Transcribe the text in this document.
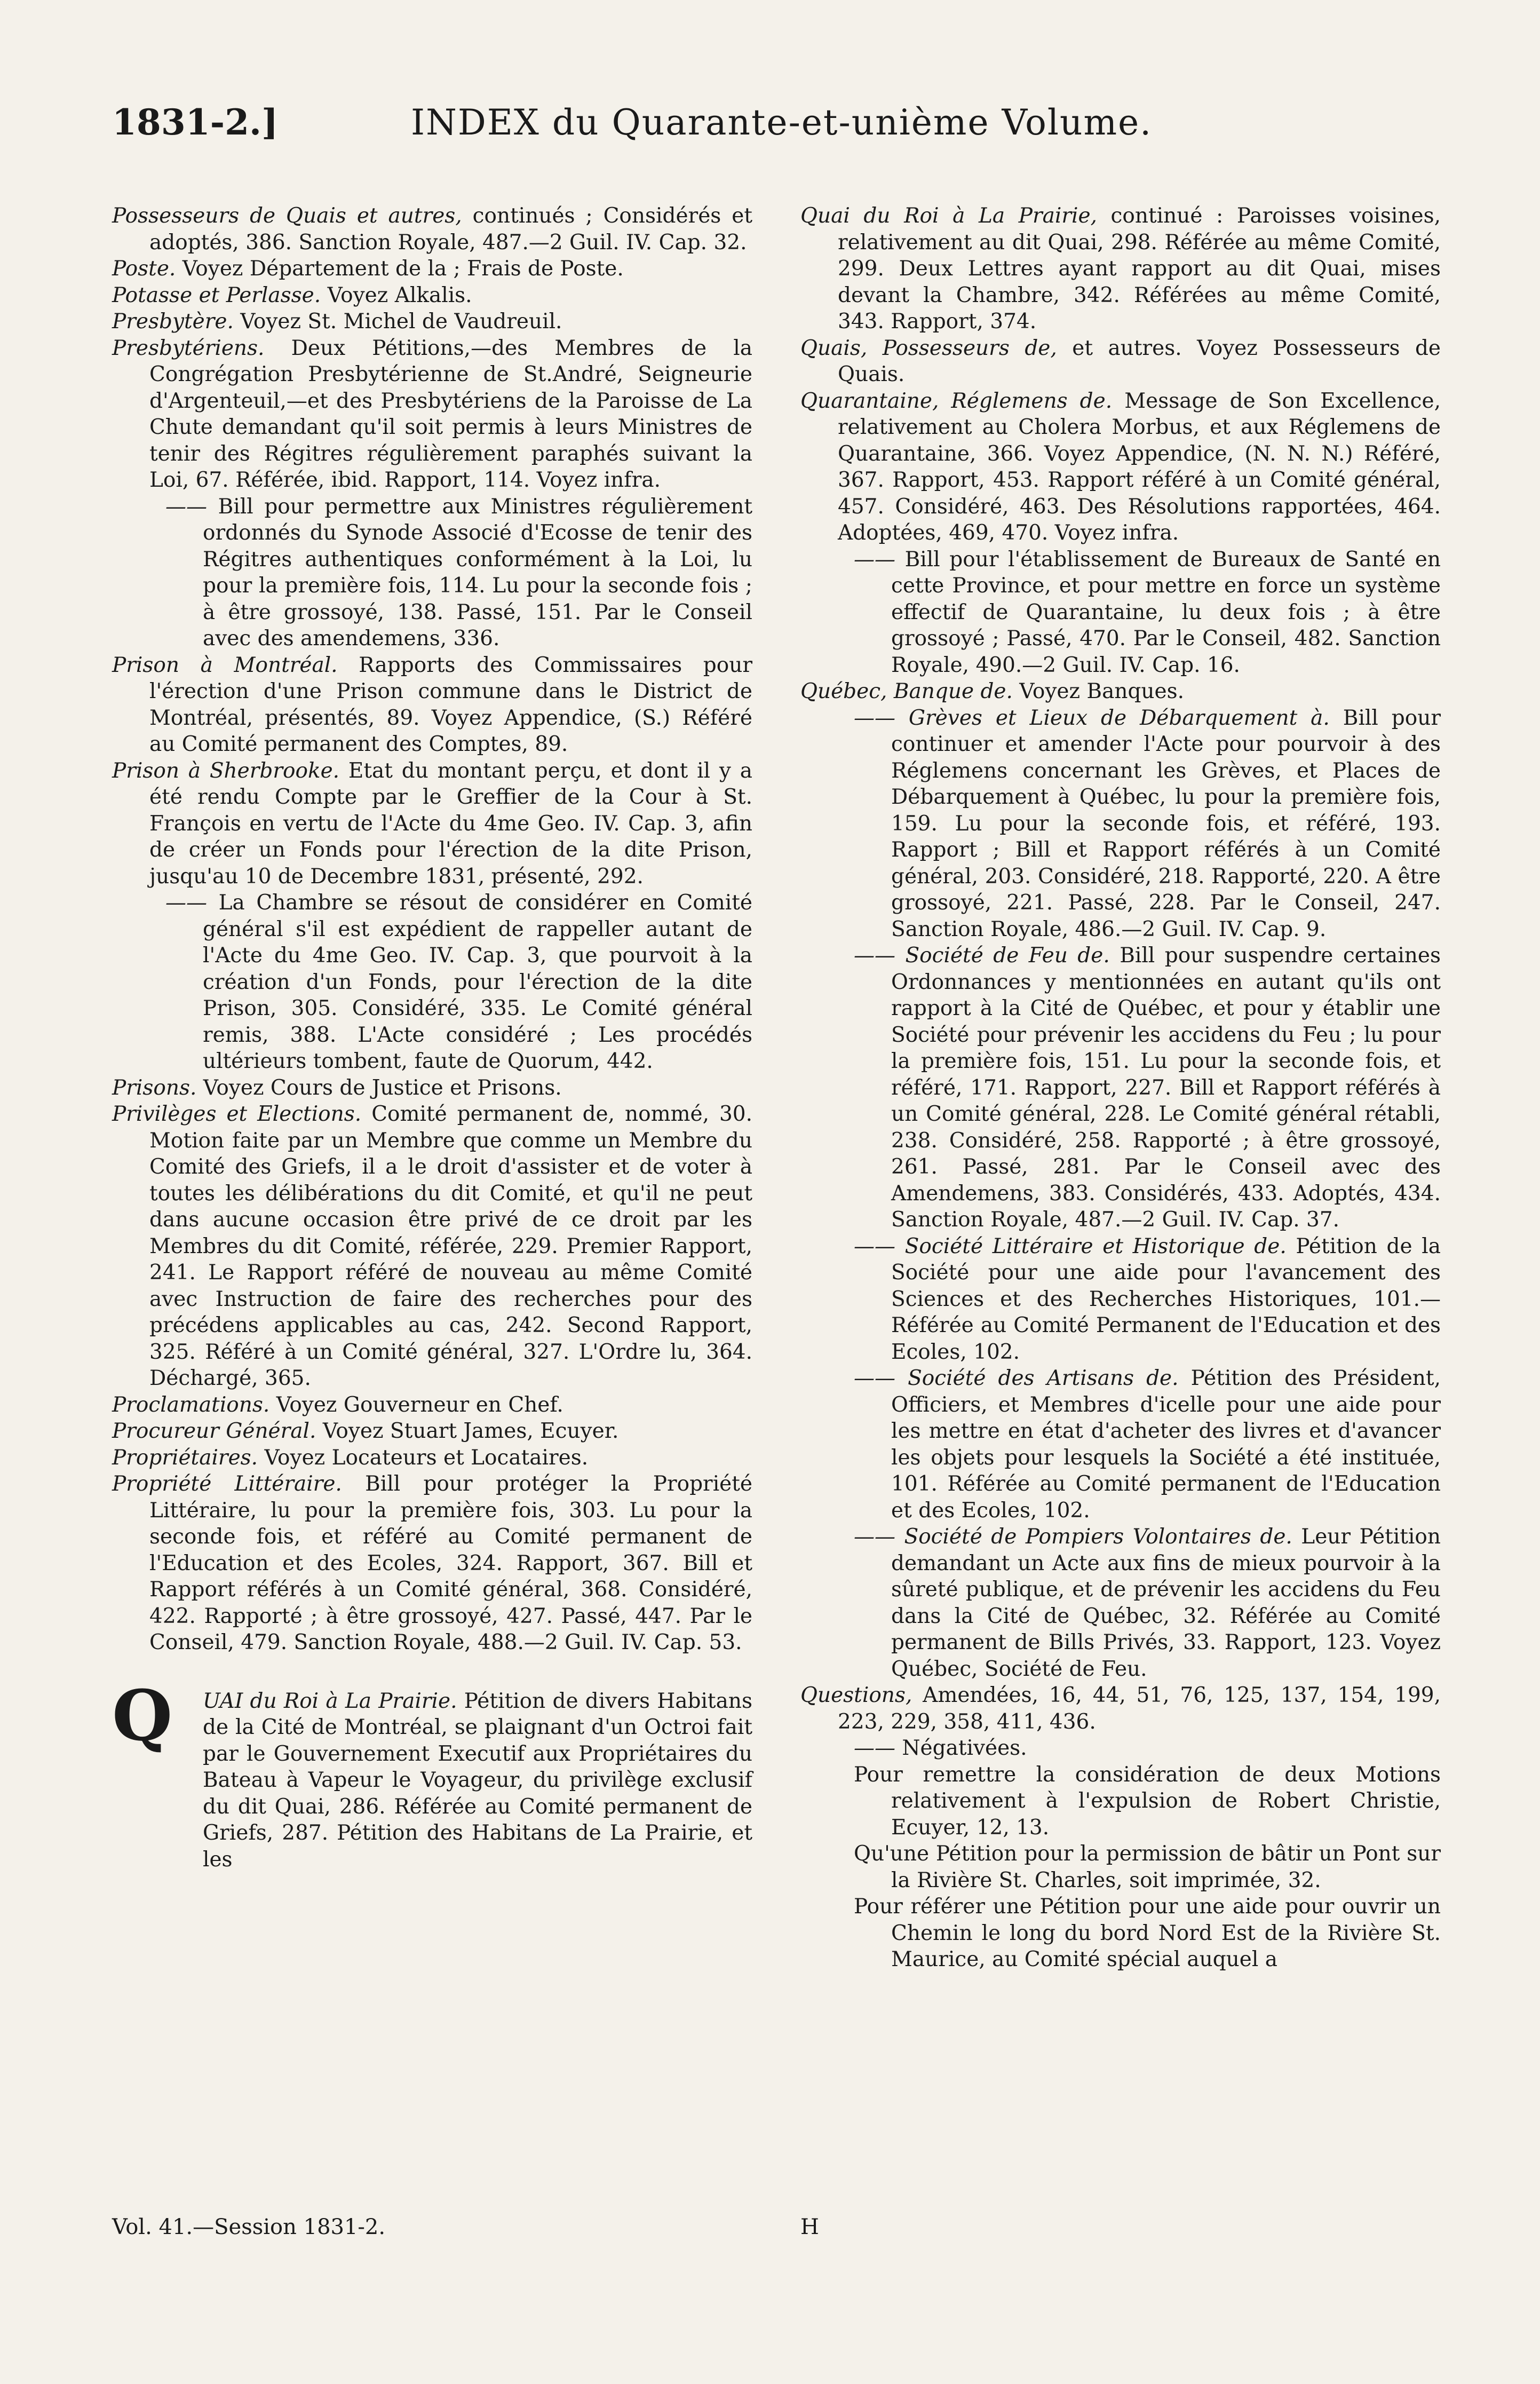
1831-2.]	INDEX du Quarante-et-unième Volume.

Possesseurs de Quais et autres, continués ; Considérés et adoptés, 386. Sanction Royale, 487.—2 Guil. IV. Cap. 32.

Poste. Voyez Département de la ; Frais de Poste.

Potasse et Perlasse. Voyez Alkalis.

Presbytère. Voyez St. Michel de Vaudreuil.

Presbytériens. Deux Pétitions,—des Membres de la Congrégation Presbytérienne de St.André, Seigneurie d'Argenteuil,—et des Presbytériens de la Paroisse de La Chute demandant qu'il soit permis à leurs Ministres de tenir des Régitres régulièrement paraphés suivant la Loi, 67. Référée, ibid. Rapport, 114. Voyez infra.

—— Bill pour permettre aux Ministres régulièrement ordonnés du Synode Associé d'Ecosse de tenir des Régitres authentiques conformément à la Loi, lu pour la première fois, 114. Lu pour la seconde fois ; à être grossoyé, 138. Passé, 151. Par le Conseil avec des amendemens, 336.

Prison à Montréal. Rapports des Commissaires pour l'érection d'une Prison commune dans le District de Montréal, présentés, 89. Voyez Appendice, (S.) Référé au Comité permanent des Comptes, 89.

Prison à Sherbrooke. Etat du montant perçu, et dont il y a été rendu Compte par le Greffier de la Cour à St. François en vertu de l'Acte du 4me Geo. IV. Cap. 3, afin de créer un Fonds pour l'érection de la dite Prison, jusqu'au 10 de Decembre 1831, présenté, 292.

—— La Chambre se résout de considérer en Comité général s'il est expédient de rappeller autant de l'Acte du 4me Geo. IV. Cap. 3, que pourvoit à la création d'un Fonds, pour l'érection de la dite Prison, 305. Considéré, 335. Le Comité général remis, 388. L'Acte considéré ; Les procédés ultérieurs tombent, faute de Quorum, 442.

Prisons. Voyez Cours de Justice et Prisons.

Privilèges et Elections. Comité permanent de, nommé, 30. Motion faite par un Membre que comme un Membre du Comité des Griefs, il a le droit d'assister et de voter à toutes les délibérations du dit Comité, et qu'il ne peut dans aucune occasion être privé de ce droit par les Membres du dit Comité, référée, 229. Premier Rapport, 241. Le Rapport référé de nouveau au même Comité avec Instruction de faire des recherches pour des précédens applicables au cas, 242. Second Rapport, 325. Référé à un Comité général, 327. L'Ordre lu, 364. Déchargé, 365.

Proclamations. Voyez Gouverneur en Chef.

Procureur Général. Voyez Stuart James, Ecuyer.

Propriétaires. Voyez Locateurs et Locataires.

Propriété Littéraire. Bill pour protéger la Propriété Littéraire, lu pour la première fois, 303. Lu pour la seconde fois, et référé au Comité permanent de l'Education et des Ecoles, 324. Rapport, 367. Bill et Rapport référés à un Comité général, 368. Considéré, 422. Rapporté ; à être grossoyé, 427. Passé, 447. Par le Conseil, 479. Sanction Royale, 488.—2 Guil. IV. Cap. 53.

Q UAI du Roi à La Prairie. Pétition de divers Habitans de la Cité de Montréal, se plaignant d'un Octroi fait par le Gouvernement Executif aux Propriétaires du Bateau à Vapeur le Voyageur, du privilège exclusif du dit Quai, 286. Référée au Comité permanent de Griefs, 287. Pétition des Habitans de La Prairie, et les

Quai du Roi à La Prairie, continué : Paroisses voisines, relativement au dit Quai, 298. Référée au même Comité, 299. Deux Lettres ayant rapport au dit Quai, mises devant la Chambre, 342. Référées au même Comité, 343. Rapport, 374.

Quais, Possesseurs de, et autres. Voyez Possesseurs de Quais.

Quarantaine, Réglemens de. Message de Son Excellence, relativement au Cholera Morbus, et aux Réglemens de Quarantaine, 366. Voyez Appendice, (N. N. N.) Référé, 367. Rapport, 453. Rapport référé à un Comité général, 457. Considéré, 463. Des Résolutions rapportées, 464. Adoptées, 469, 470. Voyez infra.

—— Bill pour l'établissement de Bureaux de Santé en cette Province, et pour mettre en force un système effectif de Quarantaine, lu deux fois ; à être grossoyé ; Passé, 470. Par le Conseil, 482. Sanction Royale, 490.—2 Guil. IV. Cap. 16.

Québec, Banque de. Voyez Banques.

—— Grèves et Lieux de Débarquement à. Bill pour continuer et amender l'Acte pour pourvoir à des Réglemens concernant les Grèves, et Places de Débarquement à Québec, lu pour la première fois, 159. Lu pour la seconde fois, et référé, 193. Rapport ; Bill et Rapport référés à un Comité général, 203. Considéré, 218. Rapporté, 220. A être grossoyé, 221. Passé, 228. Par le Conseil, 247. Sanction Royale, 486.—2 Guil. IV. Cap. 9.

—— Société de Feu de. Bill pour suspendre certaines Ordonnances y mentionnées en autant qu'ils ont rapport à la Cité de Québec, et pour y établir une Société pour prévenir les accidens du Feu ; lu pour la première fois, 151. Lu pour la seconde fois, et référé, 171. Rapport, 227. Bill et Rapport référés à un Comité général, 228. Le Comité général rétabli, 238. Considéré, 258. Rapporté ; à être grossoyé, 261. Passé, 281. Par le Conseil avec des Amendemens, 383. Considérés, 433. Adoptés, 434. Sanction Royale, 487.—2 Guil. IV. Cap. 37.

—— Société Littéraire et Historique de. Pétition de la Société pour une aide pour l'avancement des Sciences et des Recherches Historiques, 101.—Référée au Comité Permanent de l'Education et des Ecoles, 102.

—— Société des Artisans de. Pétition des Président, Officiers, et Membres d'icelle pour une aide pour les mettre en état d'acheter des livres et d'avancer les objets pour lesquels la Société a été instituée, 101. Référée au Comité permanent de l'Education et des Ecoles, 102.

—— Société de Pompiers Volontaires de. Leur Pétition demandant un Acte aux fins de mieux pourvoir à la sûreté publique, et de prévenir les accidens du Feu dans la Cité de Québec, 32. Référée au Comité permanent de Bills Privés, 33. Rapport, 123. Voyez Québec, Société de Feu.

Questions, Amendées, 16, 44, 51, 76, 125, 137, 154, 199, 223, 229, 358, 411, 436.

—— Négativées.

Pour remettre la considération de deux Motions relativement à l'expulsion de Robert Christie, Ecuyer, 12, 13.

Qu'une Pétition pour la permission de bâtir un Pont sur la Rivière St. Charles, soit imprimée, 32.

Pour référer une Pétition pour une aide pour ouvrir un Chemin le long du bord Nord Est de la Rivière St. Maurice, au Comité spécial auquel a

Vol. 41.—Session 1831-2.	H
